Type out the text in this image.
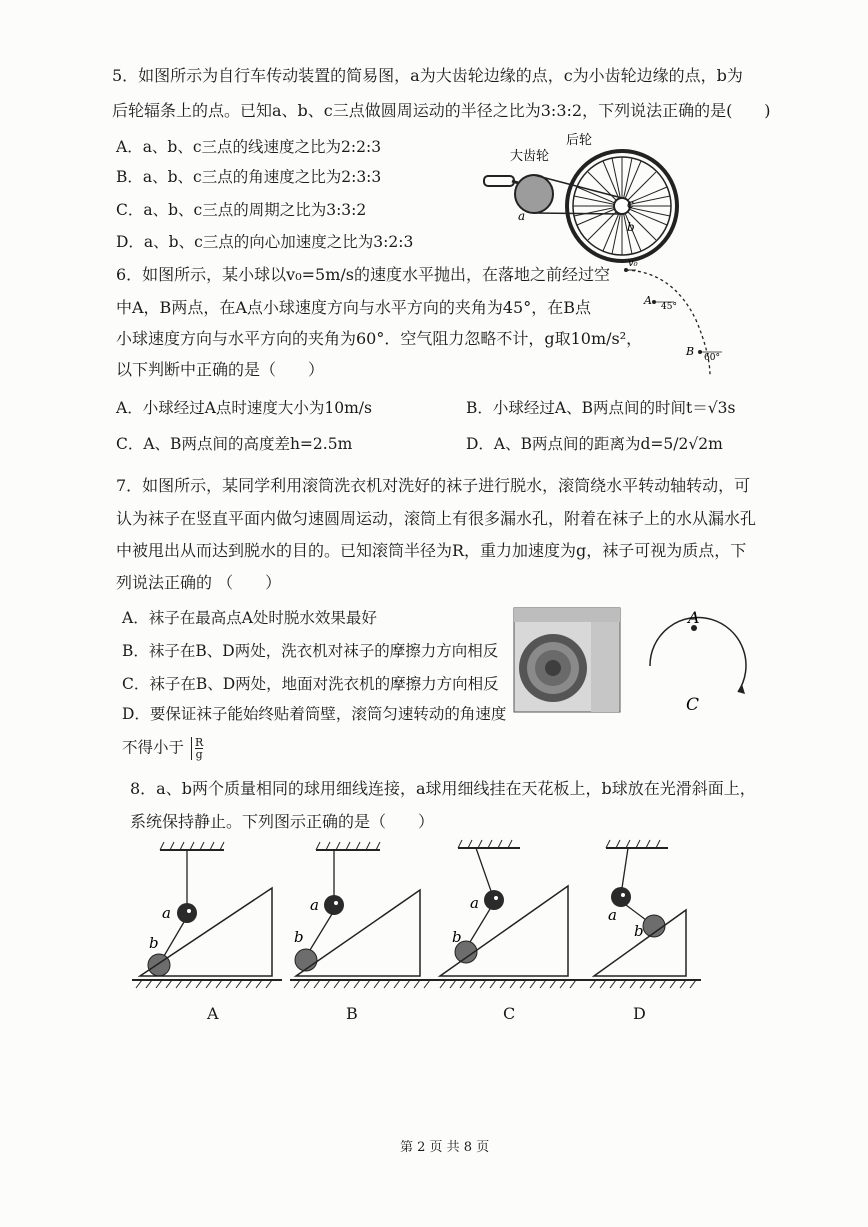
5．如图所示为自行车传动装置的简易图，a为大齿轮边缘的点，c为小齿轮边缘的点，b为
后轮辐条上的点。已知a、b、c三点做圆周运动的半径之比为3:3:2，下列说法正确的是(　　)
A．a、b、c三点的线速度之比为2:2:3
B．a、b、c三点的角速度之比为2:3:3
C．a、b、c三点的周期之比为3:3:2
D．a、b、c三点的向心加速度之比为3:2:3
大齿轮
后轮
a
b
c
6．如图所示，某小球以v₀=5m/s的速度水平抛出，在落地之前经过空
中A，B两点，在A点小球速度方向与水平方向的夹角为45°，在B点
小球速度方向与水平方向的夹角为60°．空气阻力忽略不计，g取10m/s²，
以下判断中正确的是（　　）
v₀
A 45°
B 60°
A．小球经过A点时速度大小为10m/s	B．小球经过A、B两点间的时间t＝√3s
C．A、B两点间的高度差h=2.5m	D．A、B两点间的距离为d=5/2√2m
7．如图所示，某同学利用滚筒洗衣机对洗好的袜子进行脱水，滚筒绕水平转动轴转动，可
认为袜子在竖直平面内做匀速圆周运动，滚筒上有很多漏水孔，附着在袜子上的水从漏水孔
中被甩出从而达到脱水的目的。已知滚筒半径为R，重力加速度为g，袜子可视为质点，下
列说法正确的 （　　）
A．袜子在最高点A处时脱水效果最好
B．袜子在B、D两处，洗衣机对袜子的摩擦力方向相反
C．袜子在B、D两处，地面对洗衣机的摩擦力方向相反
D．要保证袜子能始终贴着筒壁，滚筒匀速转动的角速度
不得小于 $\frac{R}{g}$
A
C
8．a、b两个质量相同的球用细线连接，a球用细线挂在天花板上，b球放在光滑斜面上，
系统保持静止。下列图示正确的是（　　）
a
b
a
b
a
b
a
b
A	B	C	D
第 2 页 共 8 页
